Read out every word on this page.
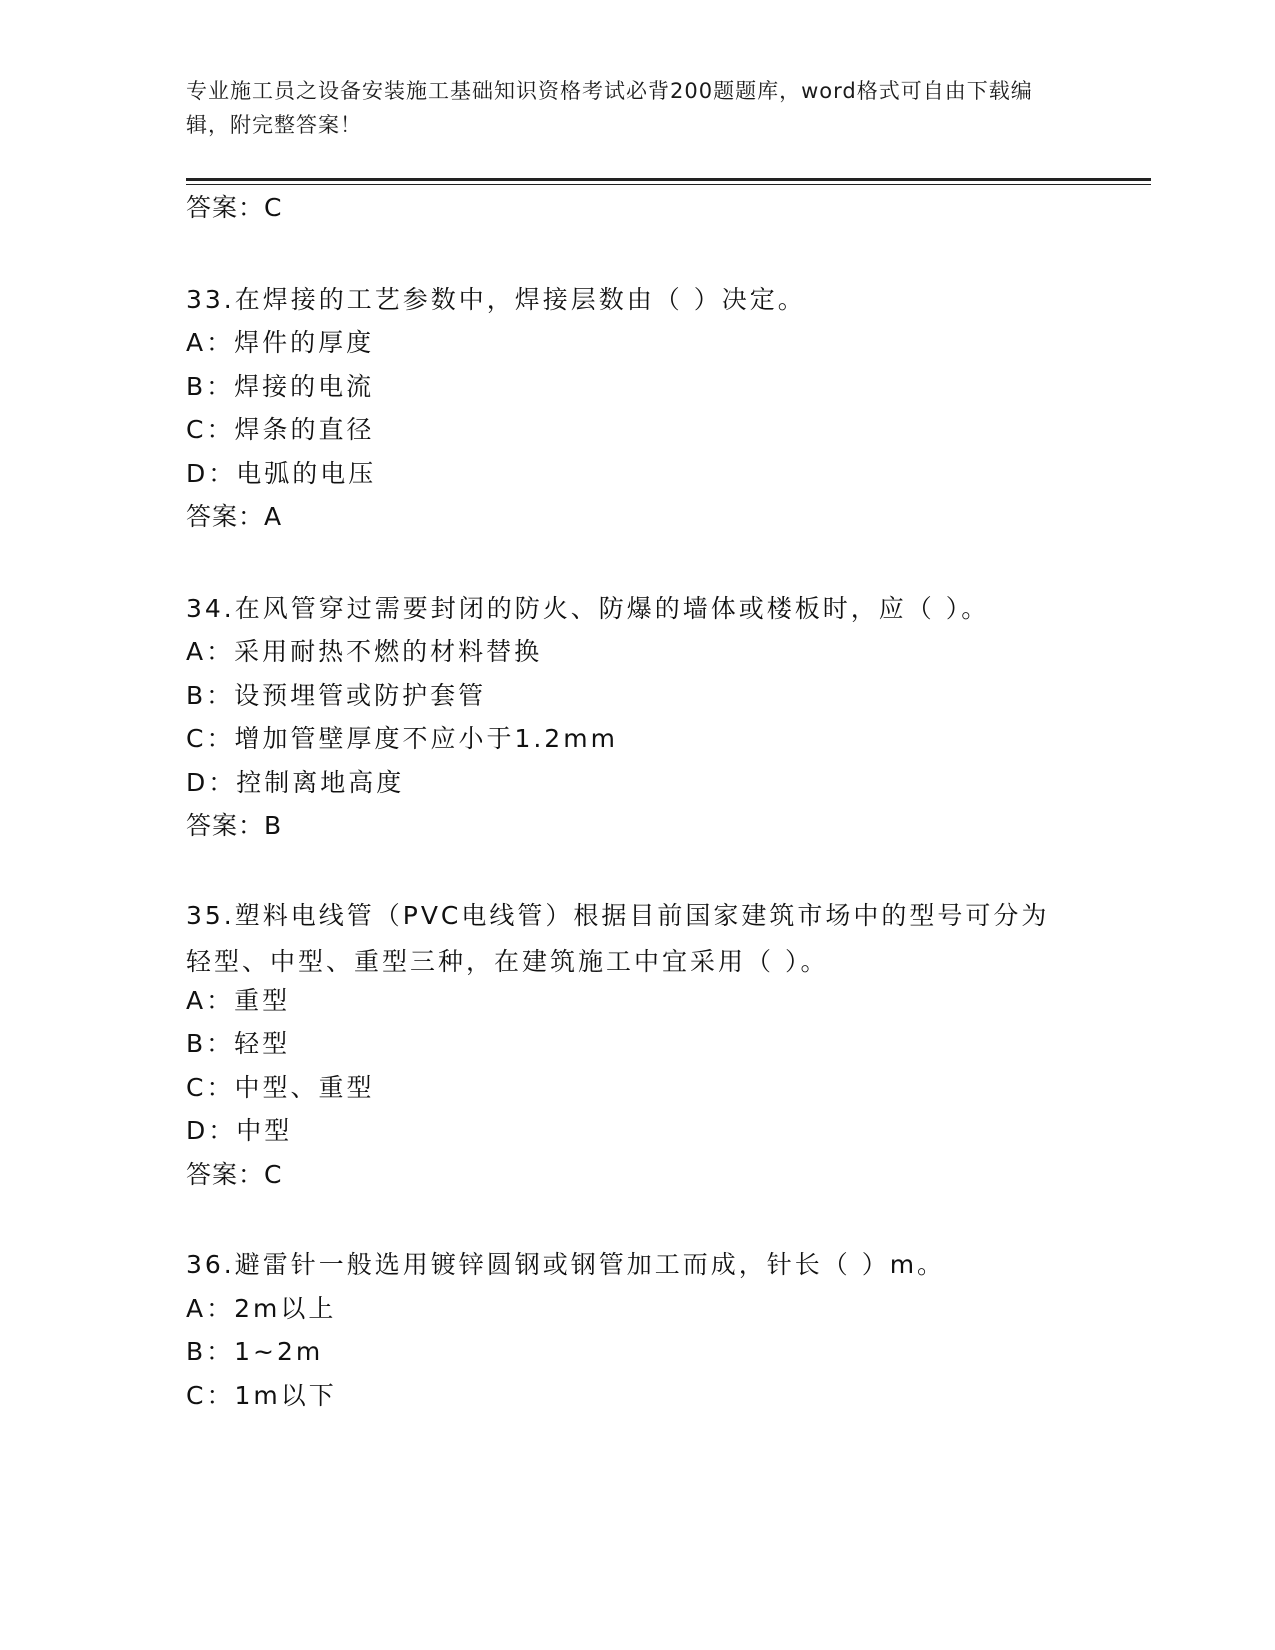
专业施工员之设备安装施工基础知识资格考试必背200题题库，word格式可自由下载编辑，附完整答案！
答案：C
33.在焊接的工艺参数中，焊接层数由（ ）决定。
A：焊件的厚度
B：焊接的电流
C：焊条的直径
D：电弧的电压
答案：A
34.在风管穿过需要封闭的防火、防爆的墙体或楼板时，应（ ）。
A：采用耐热不燃的材料替换
B：设预埋管或防护套管
C：增加管壁厚度不应小于1.2mm
D：控制离地高度
答案：B
35.塑料电线管（PVC电线管）根据目前国家建筑市场中的型号可分为轻型、中型、重型三种，在建筑施工中宜采用（ ）。
A：重型
B：轻型
C：中型、重型
D：中型
答案：C
36.避雷针一般选用镀锌圆钢或钢管加工而成，针长（ ）m。
A：2m以上
B：1~2m
C：1m以下
